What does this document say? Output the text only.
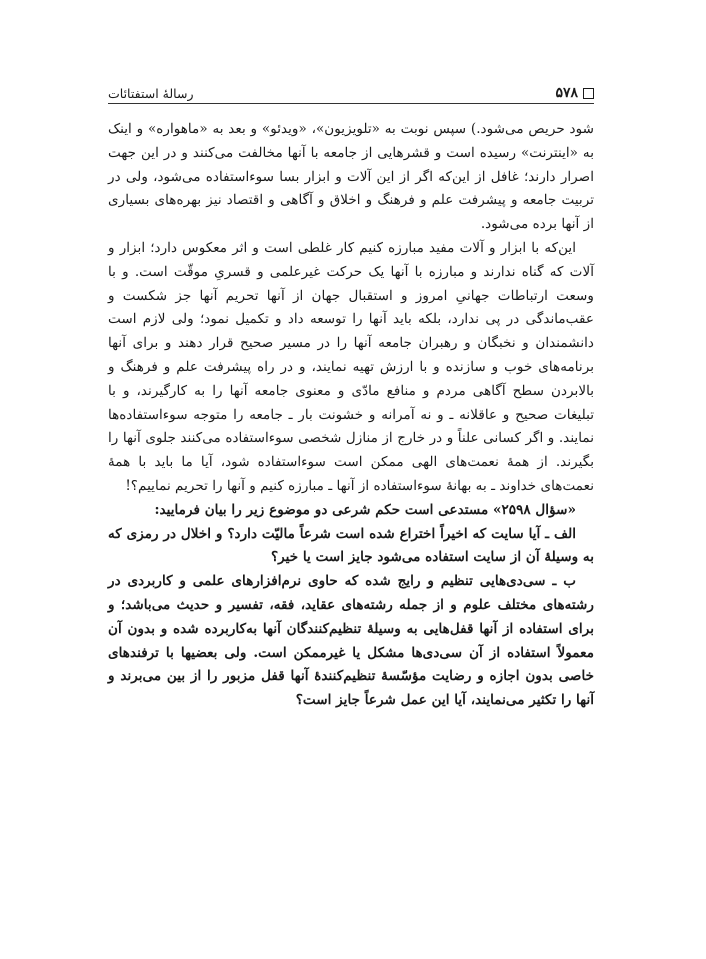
۵۷۸
رسالهٔ استفتائات

شود حریص می‌شود.) سپس نوبت به «تلویزیون»، «ویدئو» و بعد به «ماهواره» و اینک به «اینترنت» رسیده است و قشرهایی از جامعه با آنها مخالفت می‌کنند و در این جهت اصرار دارند؛ غافل از این‌که اگر از این آلات و ابزار بسا سوءاستفاده می‌شود، ولی در تربیت جامعه و پیشرفت علم و فرهنگ و اخلاق و آگاهی و اقتصاد نیز بهره‌های بسیاری از آنها برده می‌شود.

این‌که با ابزار و آلات مفید مبارزه کنیم کار غلطی است و اثر معکوس دارد؛ ابزار و آلات که گناه ندارند و مبارزه با آنها یک حرکت غیرعلمی و قسریِ موقّت است. و با وسعت ارتباطات جهانیِ امروز و استقبال جهان از آنها تحریم آنها جز شکست و عقب‌ماندگی در پی ندارد، بلکه باید آنها را توسعه داد و تکمیل نمود؛ ولی لازم است دانشمندان و نخبگان و رهبران جامعه آنها را در مسیر صحیح قرار دهند و برای آنها برنامه‌های خوب و سازنده و با ارزش تهیه نمایند، و در راه پیشرفت علم و فرهنگ و بالابردن سطح آگاهی مردم و منافع مادّی و معنوی جامعه آنها را به کارگیرند، و با تبلیغات صحیح و عاقلانه ـ و نه آمرانه و خشونت بار ـ جامعه را متوجه سوءاستفاده‌ها نمایند. و اگر کسانی علناً و در خارج از منازل شخصی سوءاستفاده می‌کنند جلوی آنها را بگیرند. از همهٔ نعمت‌های الهی ممکن است سوءاستفاده شود، آیا ما باید با همهٔ نعمت‌های خداوند ـ به بهانهٔ سوءاستفاده از آنها ـ مبارزه کنیم و آنها را تحریم نماییم؟!

«سؤال ۲۵۹۸» مستدعی است حکم شرعی دو موضوع زیر را بیان فرمایید:

الف ـ آیا سایت که اخیراً اختراع شده است شرعاً مالیّت دارد؟ و اخلال در رمزی که به وسیلهٔ آن از سایت استفاده می‌شود جایز است یا خیر؟

ب ـ سی‌دی‌هایی تنظیم و رایج شده که حاوی نرم‌افزارهای علمی و کاربردی در رشته‌های مختلف علوم و از جمله رشته‌های عقاید، فقه، تفسیر و حدیث می‌باشد؛ و برای استفاده از آنها قفل‌هایی به وسیلهٔ تنظیم‌کنندگان آنها به‌کاربرده شده و بدون آن معمولاً استفاده از آن سی‌دی‌ها مشکل یا غیرممکن است. ولی بعضیها با ترفندهای خاصی بدون اجازه و رضایت مؤسّسهٔ تنظیم‌کنندهٔ آنها قفل مزبور را از بین می‌برند و آنها را تکثیر می‌نمایند، آیا این عمل شرعاً جایز است؟
